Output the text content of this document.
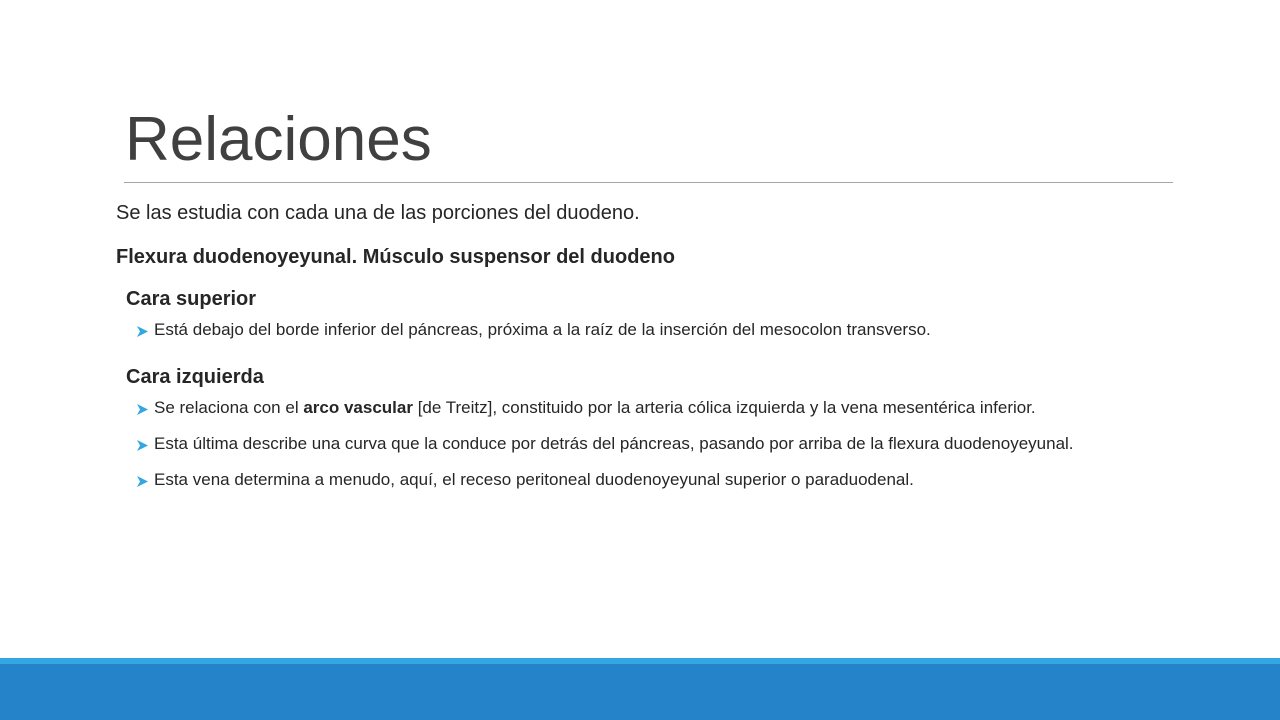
Relaciones

Se las estudia con cada una de las porciones del duodeno.

Flexura duodenoyeyunal. Músculo suspensor del duodeno

Cara superior

Está debajo del borde inferior del páncreas, próxima a la raíz de la inserción del mesocolon transverso.

Cara izquierda

Se relaciona con el arco vascular [de Treitz], constituido por la arteria cólica izquierda y la vena mesentérica inferior.
Esta última describe una curva que la conduce por detrás del páncreas, pasando por arriba de la flexura duodenoyeyunal.
Esta vena determina a menudo, aquí, el receso peritoneal duodenoyeyunal superior o paraduodenal.
